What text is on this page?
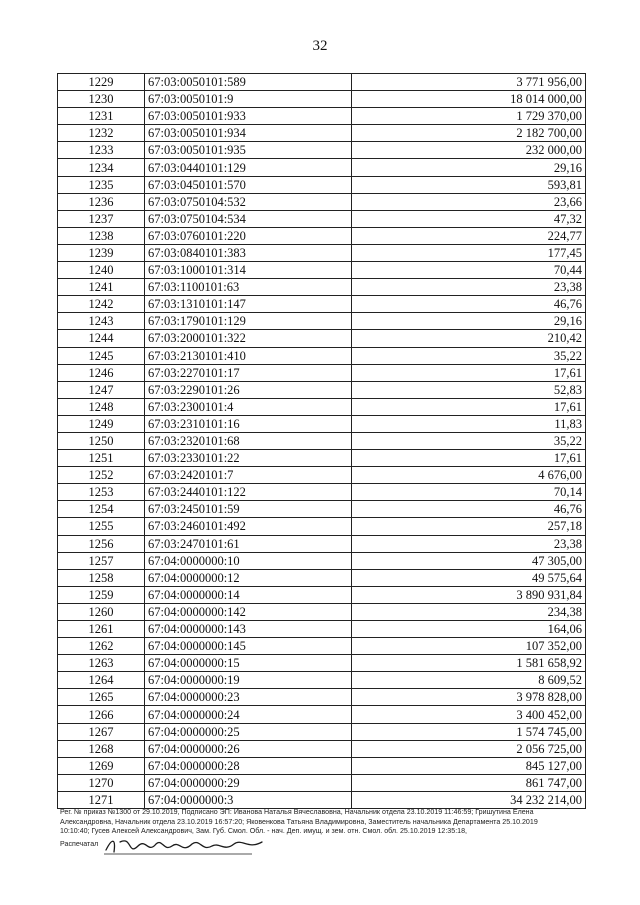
32
1229	67:03:0050101:589	3 771 956,00
1230	67:03:0050101:9	18 014 000,00
1231	67:03:0050101:933	1 729 370,00
1232	67:03:0050101:934	2 182 700,00
1233	67:03:0050101:935	232 000,00
1234	67:03:0440101:129	29,16
1235	67:03:0450101:570	593,81
1236	67:03:0750104:532	23,66
1237	67:03:0750104:534	47,32
1238	67:03:0760101:220	224,77
1239	67:03:0840101:383	177,45
1240	67:03:1000101:314	70,44
1241	67:03:1100101:63	23,38
1242	67:03:1310101:147	46,76
1243	67:03:1790101:129	29,16
1244	67:03:2000101:322	210,42
1245	67:03:2130101:410	35,22
1246	67:03:2270101:17	17,61
1247	67:03:2290101:26	52,83
1248	67:03:2300101:4	17,61
1249	67:03:2310101:16	11,83
1250	67:03:2320101:68	35,22
1251	67:03:2330101:22	17,61
1252	67:03:2420101:7	4 676,00
1253	67:03:2440101:122	70,14
1254	67:03:2450101:59	46,76
1255	67:03:2460101:492	257,18
1256	67:03:2470101:61	23,38
1257	67:04:0000000:10	47 305,00
1258	67:04:0000000:12	49 575,64
1259	67:04:0000000:14	3 890 931,84
1260	67:04:0000000:142	234,38
1261	67:04:0000000:143	164,06
1262	67:04:0000000:145	107 352,00
1263	67:04:0000000:15	1 581 658,92
1264	67:04:0000000:19	8 609,52
1265	67:04:0000000:23	3 978 828,00
1266	67:04:0000000:24	3 400 452,00
1267	67:04:0000000:25	1 574 745,00
1268	67:04:0000000:26	2 056 725,00
1269	67:04:0000000:28	845 127,00
1270	67:04:0000000:29	861 747,00
1271	67:04:0000000:3	34 232 214,00

Рег. № приказ №1300 от 29.10.2019, Подписано ЭП: Иванова Наталья Вячеславовна, Начальник отдела 23.10.2019 11:46:59; Гришутина Елена

Александровна, Начальник отдела 23.10.2019 16:57:20; Яковенкова Татьяна Владимировна, Заместитель начальника Департамента 25.10.2019

10:10:40; Гусев Алексей Александрович, Зам. Губ. Смол. Обл. - нач. Деп. имущ. и зем. отн. Смол. обл. 25.10.2019 12:35:18,

Распечатал
